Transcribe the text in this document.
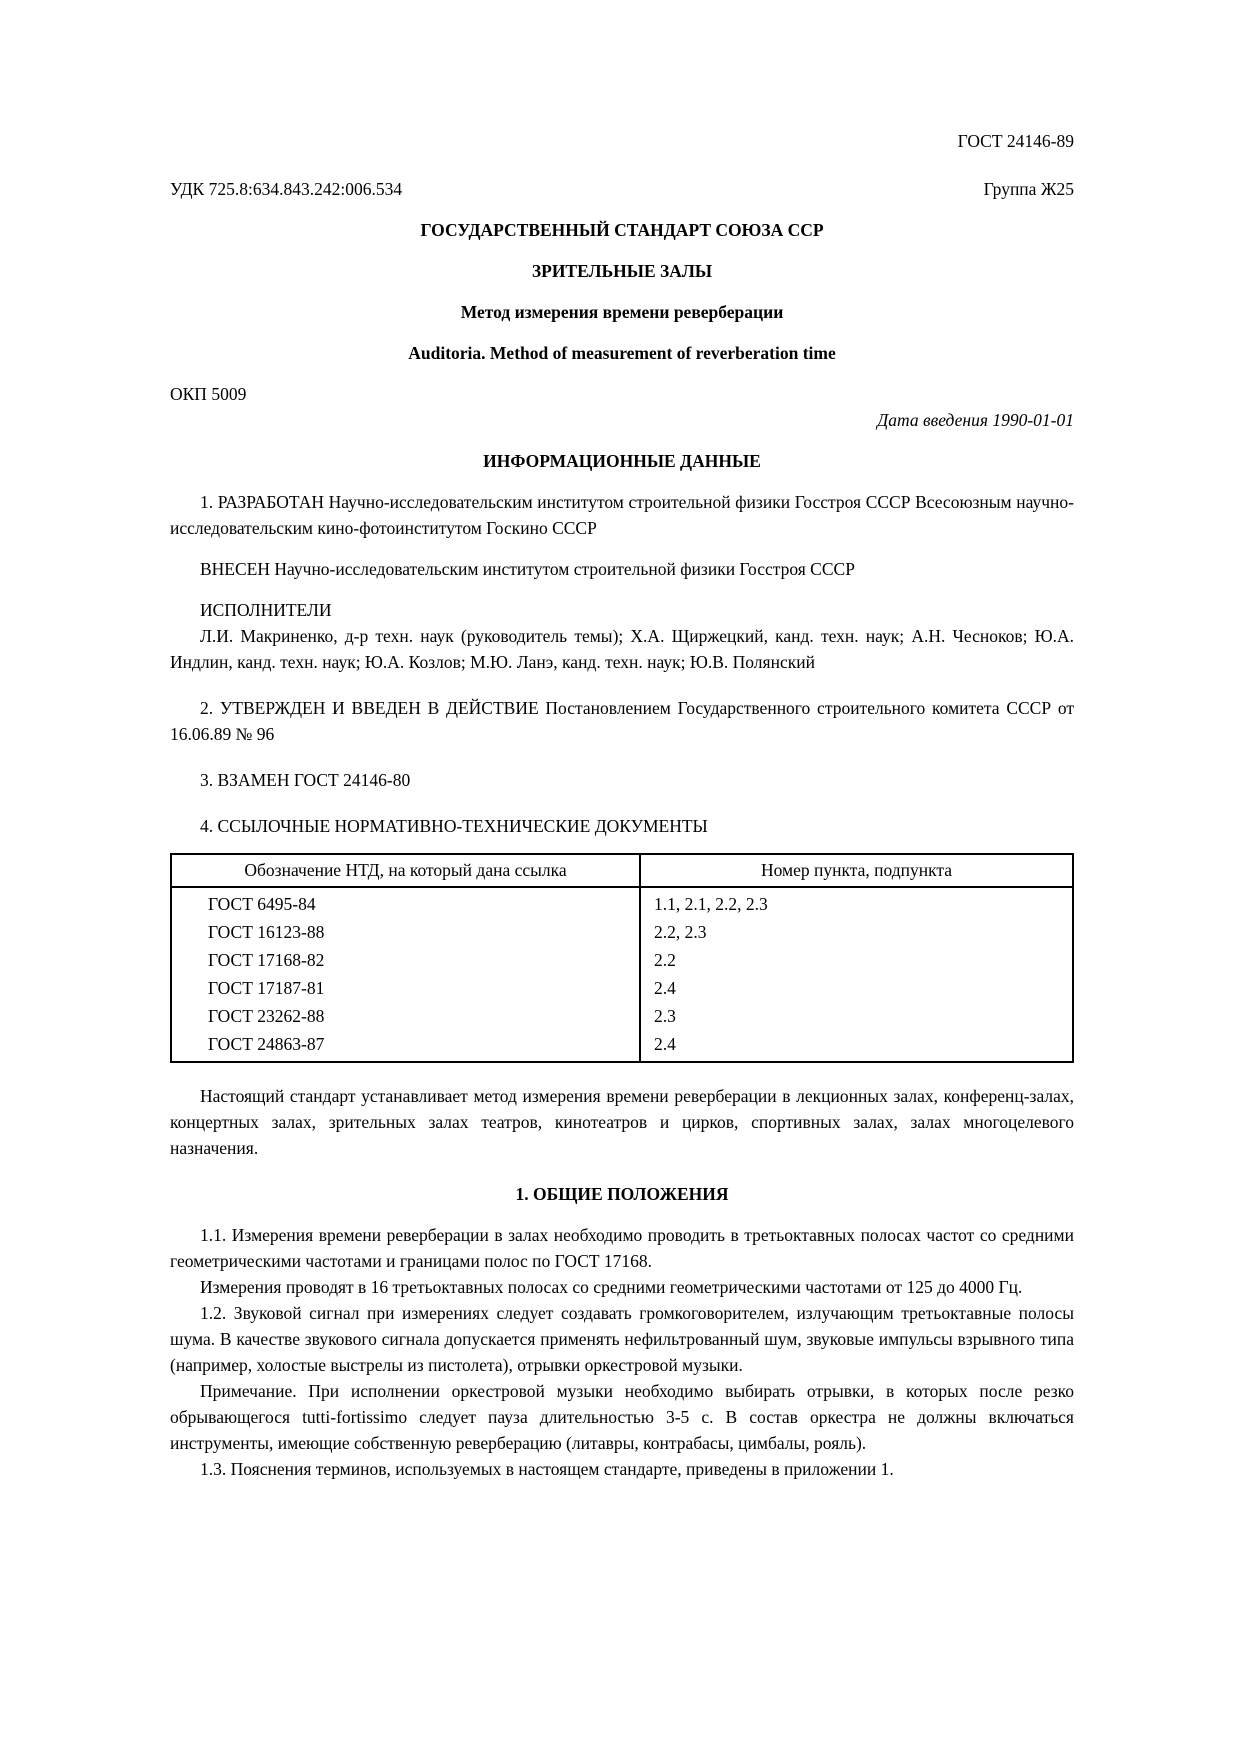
ГОСТ 24146-89

УДК 725.8:634.843.242:006.534	Группа Ж25

ГОСУДАРСТВЕННЫЙ СТАНДАРТ СОЮЗА ССР

ЗРИТЕЛЬНЫЕ ЗАЛЫ

Метод измерения времени реверберации

Auditoria. Method of measurement of reverberation time

ОКП 5009

Дата введения 1990-01-01

ИНФОРМАЦИОННЫЕ ДАННЫЕ

1. РАЗРАБОТАН Научно-исследовательским институтом строительной физики Госстроя СССР Всесоюзным научно-исследовательским кино-фотоинститутом Госкино СССР

ВНЕСЕН Научно-исследовательским институтом строительной физики Госстроя СССР

ИСПОЛНИТЕЛИ

Л.И. Макриненко, д-р техн. наук (руководитель темы); Х.А. Щиржецкий, канд. техн. наук; А.Н. Чесноков; Ю.А. Индлин, канд. техн. наук; Ю.А. Козлов; М.Ю. Ланэ, канд. техн. наук; Ю.В. Полянский

2. УТВЕРЖДЕН И ВВЕДЕН В ДЕЙСТВИЕ Постановлением Государственного строительного комитета СССР от 16.06.89 № 96

3. ВЗАМЕН ГОСТ 24146-80

4. ССЫЛОЧНЫЕ НОРМАТИВНО-ТЕХНИЧЕСКИЕ ДОКУМЕНТЫ

Обозначение НТД, на который дана ссылка	Номер пункта, подпункта
ГОСТ 6495-84	1.1, 2.1, 2.2, 2.3
ГОСТ 16123-88	2.2, 2.3
ГОСТ 17168-82	2.2
ГОСТ 17187-81	2.4
ГОСТ 23262-88	2.3
ГОСТ 24863-87	2.4

Настоящий стандарт устанавливает метод измерения времени реверберации в лекционных залах, конференц-залах, концертных залах, зрительных залах театров, кинотеатров и цирков, спортивных залах, залах многоцелевого назначения.

1. ОБЩИЕ ПОЛОЖЕНИЯ

1.1. Измерения времени реверберации в залах необходимо проводить в третьоктавных полосах частот со средними геометрическими частотами и границами полос по ГОСТ 17168.

Измерения проводят в 16 третьоктавных полосах со средними геометрическими частотами от 125 до 4000 Гц.

1.2. Звуковой сигнал при измерениях следует создавать громкоговорителем, излучающим третьоктавные полосы шума. В качестве звукового сигнала допускается применять нефильтрованный шум, звуковые импульсы взрывного типа (например, холостые выстрелы из пистолета), отрывки оркестровой музыки.

Примечание. При исполнении оркестровой музыки необходимо выбирать отрывки, в которых после резко обрывающегося tutti-fortissimo следует пауза длительностью 3-5 с. В состав оркестра не должны включаться инструменты, имеющие собственную реверберацию (литавры, контрабасы, цимбалы, рояль).

1.3. Пояснения терминов, используемых в настоящем стандарте, приведены в приложении 1.
